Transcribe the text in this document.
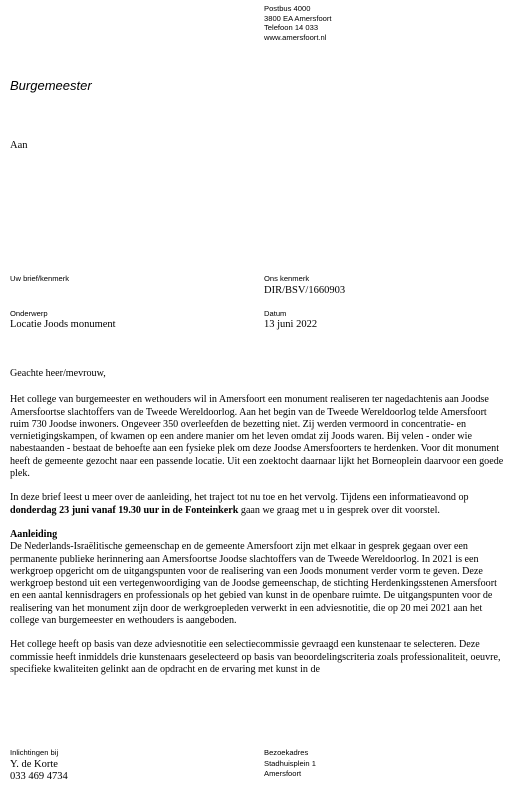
Postbus 4000
3800 EA Amersfoort
Telefoon 14 033
www.amersfoort.nl
Burgemeester
Aan
Uw brief/kenmerk	Ons kenmerk
DIR/BSV/1660903
Onderwerp
Locatie Joods monument
Datum
13 juni 2022

Geachte heer/mevrouw,

Het college van burgemeester en wethouders wil in Amersfoort een monument realiseren ter nagedachtenis aan Joodse Amersfoortse slachtoffers van de Tweede Wereldoorlog. Aan het begin van de Tweede Wereldoorlog telde Amersfoort ruim 730 Joodse inwoners. Ongeveer 350 overleefden de bezetting niet. Zij werden vermoord in concentratie- en vernietigingskampen, of kwamen op een andere manier om het leven omdat zij Joods waren. Bij velen - onder wie nabestaanden - bestaat de behoefte aan een fysieke plek om deze Joodse Amersfoorters te herdenken. Voor dit monument heeft de gemeente gezocht naar een passende locatie. Uit een zoektocht daarnaar lijkt het Borneoplein daarvoor een goede plek.

In deze brief leest u meer over de aanleiding, het traject tot nu toe en het vervolg. Tijdens een informatieavond op donderdag 23 juni vanaf 19.30 uur in de Fonteinkerk gaan we graag met u in gesprek over dit voorstel.

Aanleiding

De Nederlands-Israëlitische gemeenschap en de gemeente Amersfoort zijn met elkaar in gesprek gegaan over een permanente publieke herinnering aan Amersfoortse Joodse slachtoffers van de Tweede Wereldoorlog. In 2021 is een werkgroep opgericht om de uitgangspunten voor de realisering van een Joods monument verder vorm te geven. Deze werkgroep bestond uit een vertegenwoordiging van de Joodse gemeenschap, de stichting Herdenkingsstenen Amersfoort en een aantal kennisdragers en professionals op het gebied van kunst in de openbare ruimte. De uitgangspunten voor de realisering van het monument zijn door de werkgroepleden verwerkt in een adviesnotitie, die op 20 mei 2021 aan het college van burgemeester en wethouders is aangeboden.

Het college heeft op basis van deze adviesnotitie een selectiecommissie gevraagd een kunstenaar te selecteren. Deze commissie heeft inmiddels drie kunstenaars geselecteerd op basis van beoordelingscriteria zoals professionaliteit, oeuvre, specifieke kwaliteiten gelinkt aan de opdracht en de ervaring met kunst in de

Inlichtingen bij
Y. de Korte
033 469 4734
Bezoekadres
Stadhuisplein 1
Amersfoort
